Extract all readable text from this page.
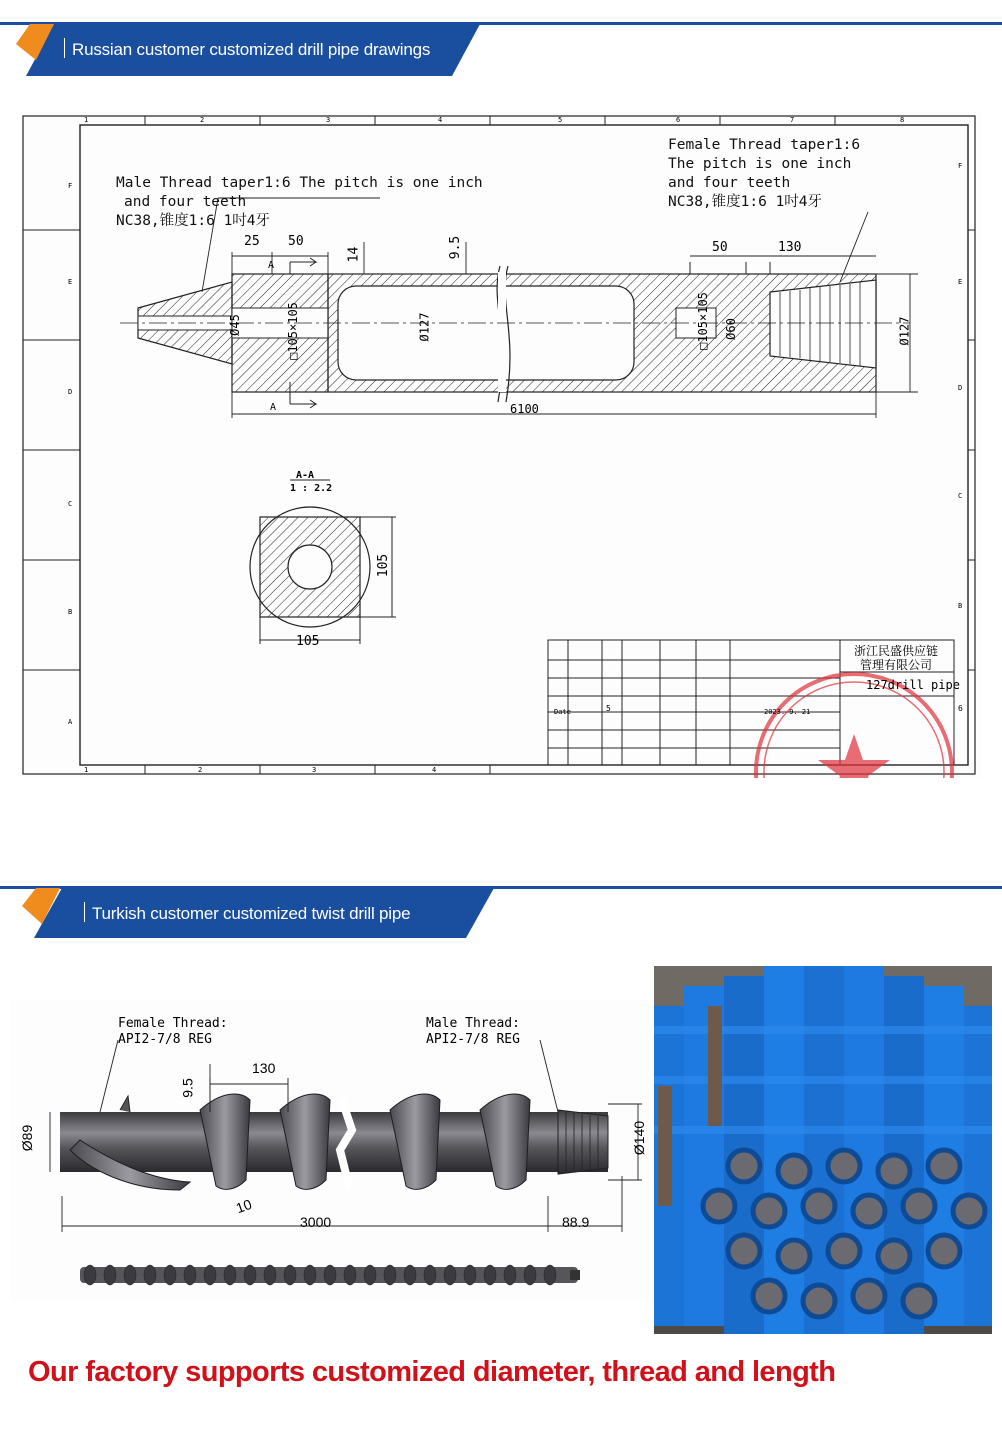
Russian customer customized drill pipe drawings
Male Thread taper1:6 The pitch is one inch
and four teeth
NC38,锥度1:6 1吋4牙
Female Thread taper1:6
The pitch is one inch
and four teeth
NC38,锥度1:6 1吋4牙
25 50
14	9.5	50	130
Ø45	□105×105	Ø127	□105×105 Ø60	Ø127
6100
A
A
A-A
1 : 2.2
105
105
浙江民盛供应链
管理有限公司
127drill pipe
Date	5	2023. 9. 21	6
1	2	3	4	5	6	7	8
1	2	3	4
F
E
D
C
B
A
F
E
D
C
B
Turkish customer customized twist drill pipe
Female Thread:
API2-7/8 REG
Male Thread:
API2-7/8 REG
130
9.5
Ø89	Ø140
10
3000	88.9
Our factory supports customized diameter, thread and length
